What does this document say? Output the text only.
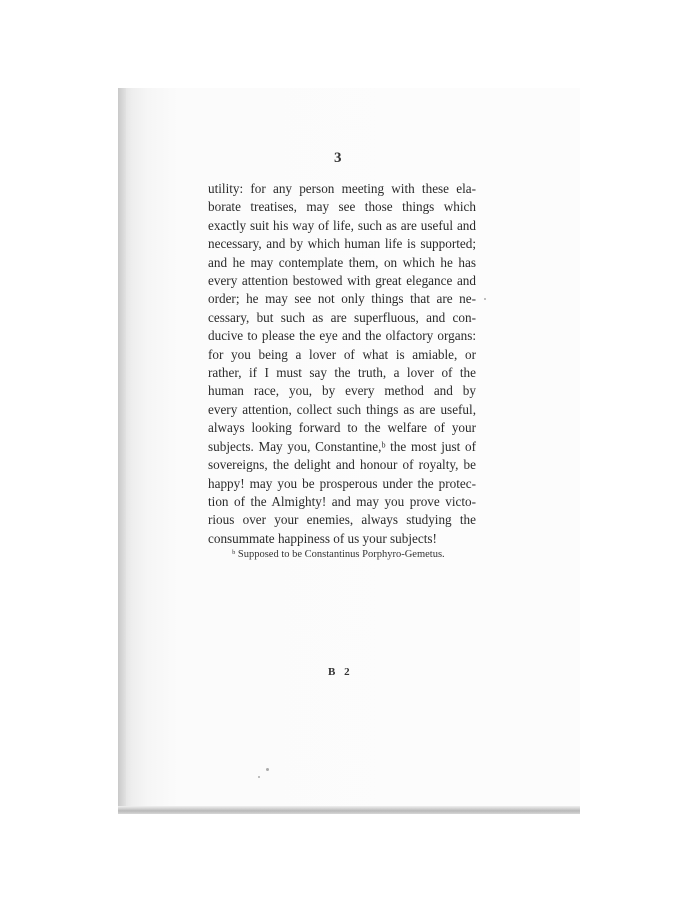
3
utility: for any person meeting with these ela-
borate treatises, may see those things which
exactly suit his way of life, such as are useful and
necessary, and by which human life is supported;
and he may contemplate them, on which he has
every attention bestowed with great elegance and
order; he may see not only things that are ne-
cessary, but such as are superfluous, and con-
ducive to please the eye and the olfactory organs:
for you being a lover of what is amiable, or
rather, if I must say the truth, a lover of the
human race, you, by every method and by
every attention, collect such things as are useful,
always looking forward to the welfare of your
subjects. May you, Constantine,ᵇ the most just of
sovereigns, the delight and honour of royalty, be
happy! may you be prosperous under the protec-
tion of the Almighty! and may you prove victo-
rious over your enemies, always studying the
consummate happiness of us your subjects!
ᵇ Supposed to be Constantinus Porphyro-Gemetus.
B 2
